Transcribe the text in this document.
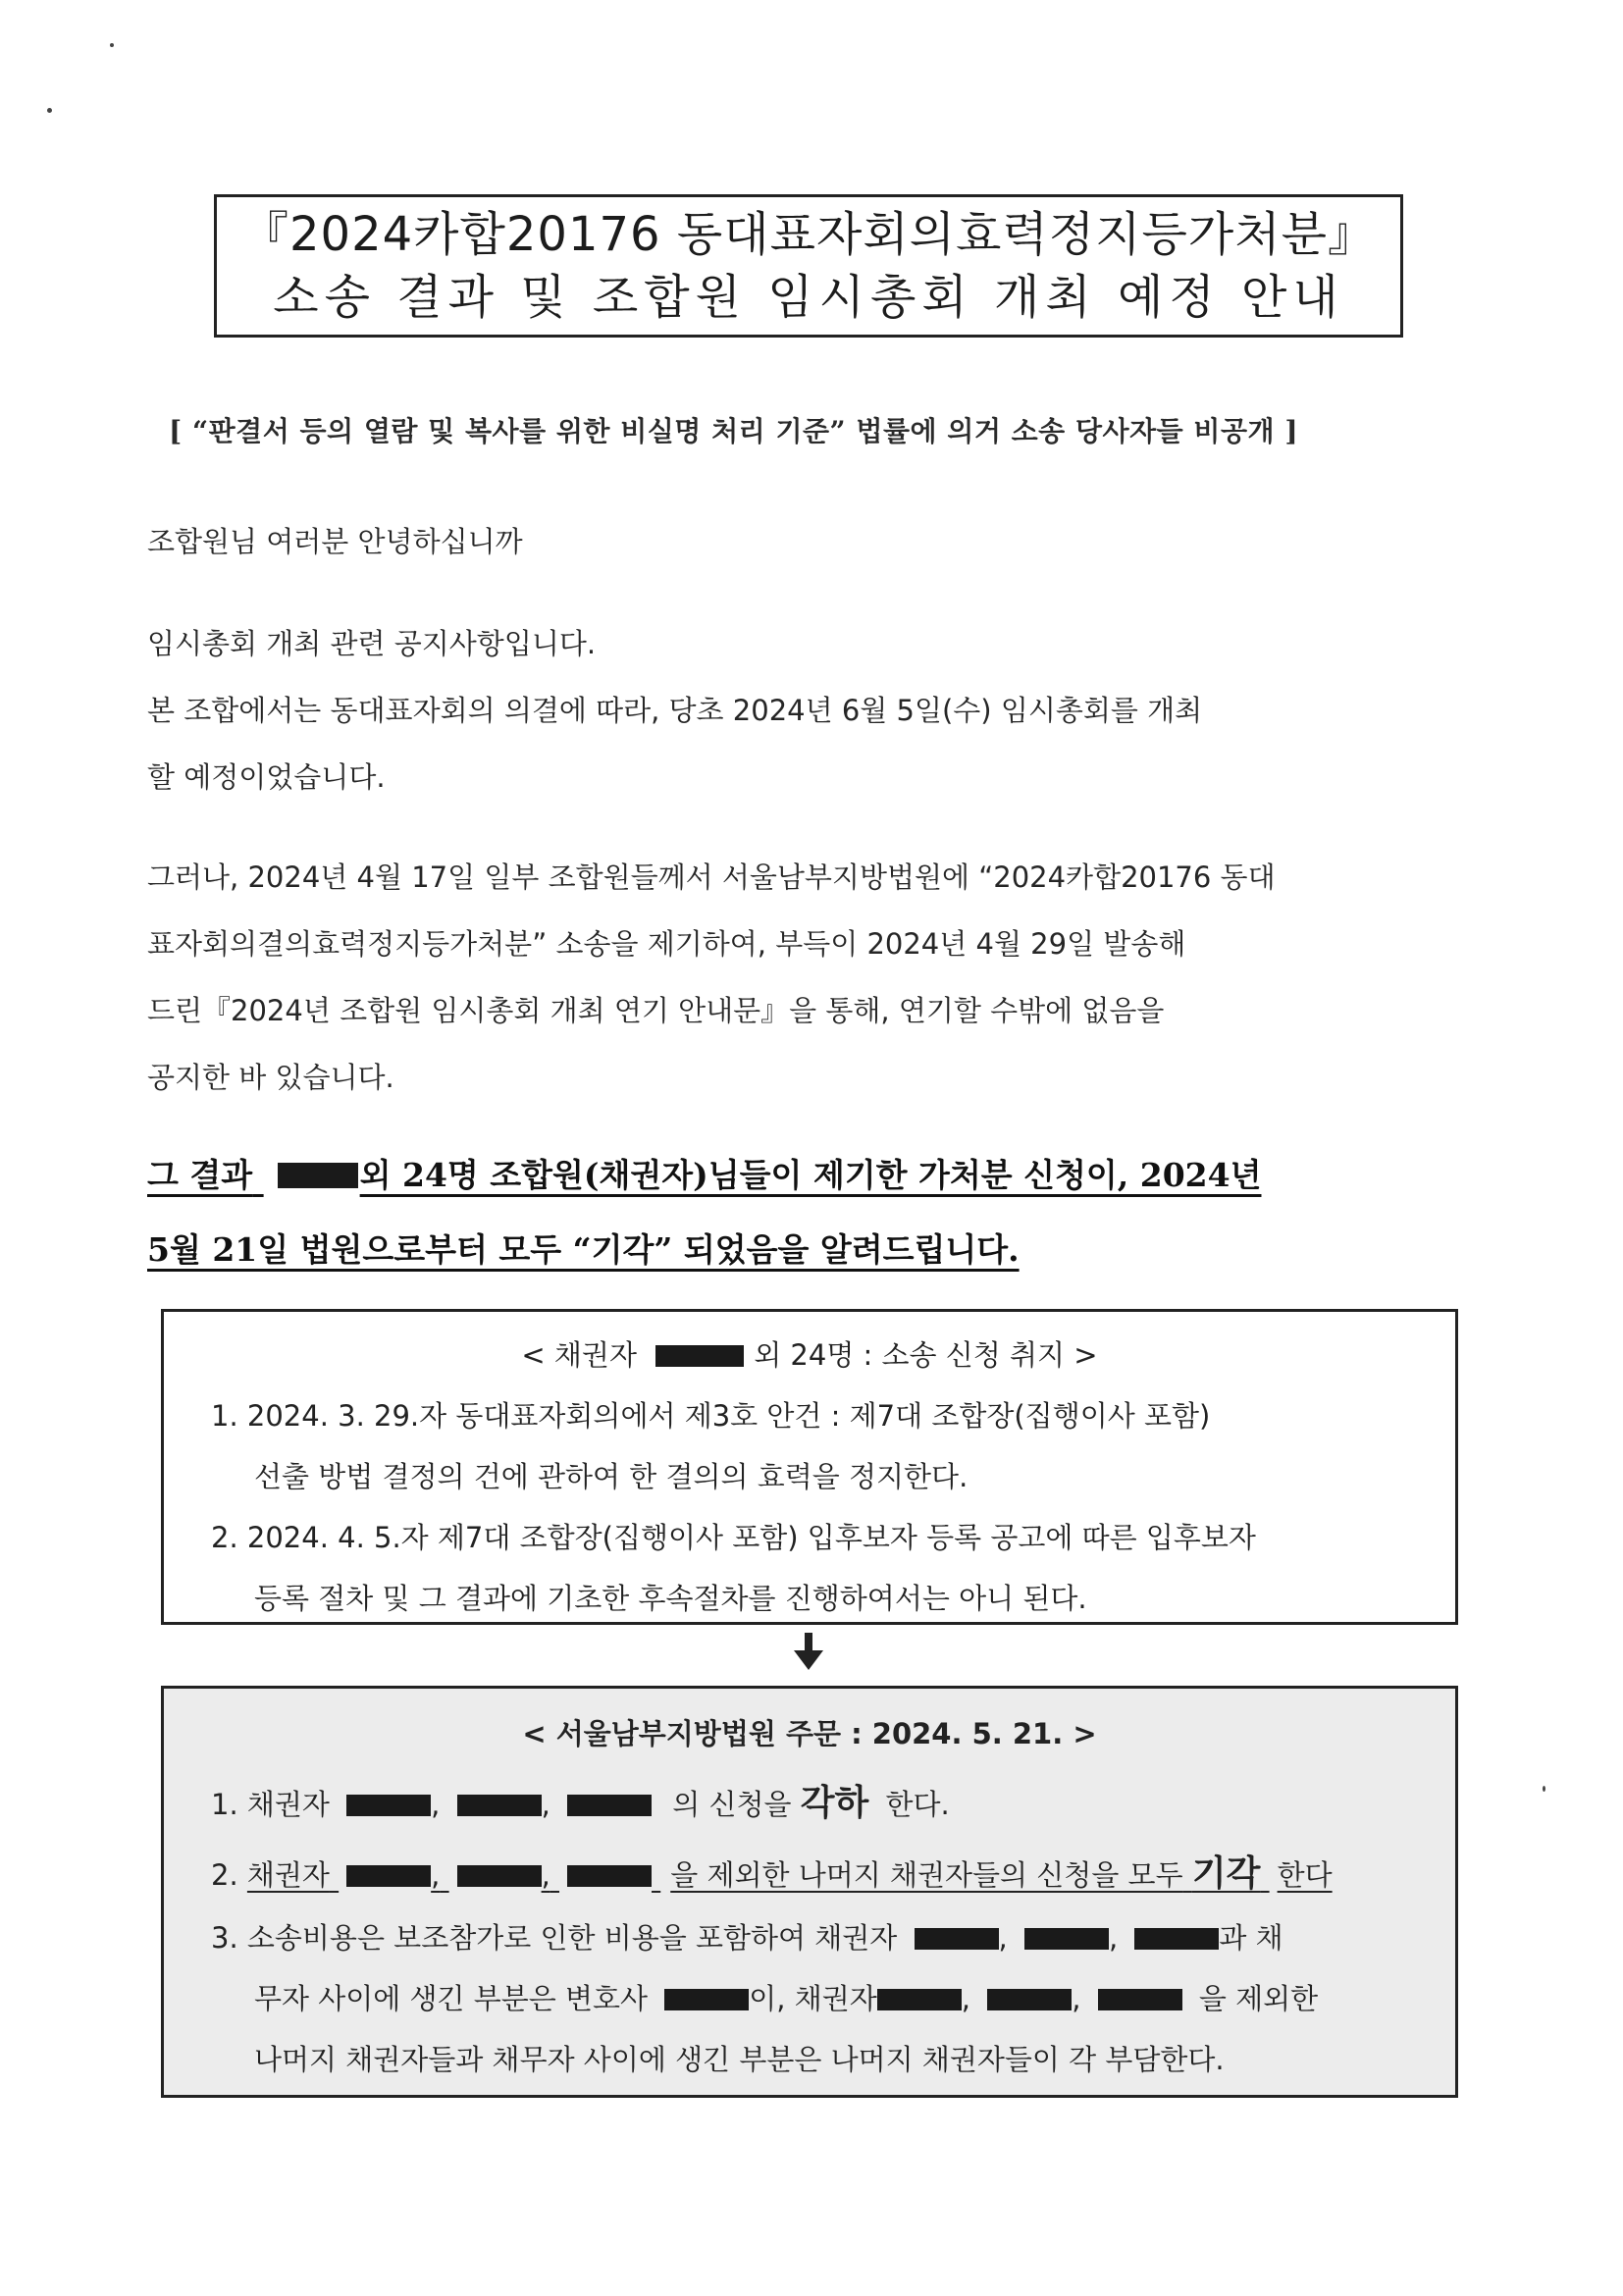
『2024카합20176 동대표자회의효력정지등가처분』
소송 결과 및 조합원 임시총회 개최 예정 안내
[ “판결서 등의 열람 및 복사를 위한 비실명 처리 기준” 법률에 의거 소송 당사자들 비공개 ]
조합원님 여러분 안녕하십니까
임시총회 개최 관련 공지사항입니다.
본 조합에서는 동대표자회의 의결에 따라, 당초 2024년 6월 5일(수) 임시총회를 개최
할 예정이었습니다.
그러나, 2024년 4월 17일 일부 조합원들께서 서울남부지방법원에 “2024카합20176 동대
표자회의결의효력정지등가처분” 소송을 제기하여, 부득이 2024년 4월 29일 발송해
드린『2024년 조합원 임시총회 개최 연기 안내문』을 통해, 연기할 수밖에 없음을
공지한 바 있습니다.
그 결과	외 24명 조합원(채권자)님들이 제기한 가처분 신청이, 2024년
5월 21일 법원으로부터 모두 “기각” 되었음을 알려드립니다.
< 채권자	외 24명 : 소송 신청 취지 >
1. 2024. 3. 29.자 동대표자회의에서 제3호 안건 : 제7대 조합장(집행이사 포함)
선출 방법 결정의 건에 관하여 한 결의의 효력을 정지한다.
2. 2024. 4. 5.자 제7대 조합장(집행이사 포함) 입후보자 등록 공고에 따른 입후보자
등록 절차 및 그 결과에 기초한 후속절차를 진행하여서는 아니 된다.
< 서울남부지방법원 주문 : 2024. 5. 21. >
1. 채권자	,	,	의 신청을 각하 한다.
2. 채권자	,	,	을 제외한 나머지 채권자들의 신청을 모두 기각 한다
3. 소송비용은 보조참가로 인한 비용을 포함하여 채권자	,	,	과 채
무자 사이에 생긴 부분은 변호사	이, 채권자	,	,	을 제외한
나머지 채권자들과 채무자 사이에 생긴 부분은 나머지 채권자들이 각 부담한다.
